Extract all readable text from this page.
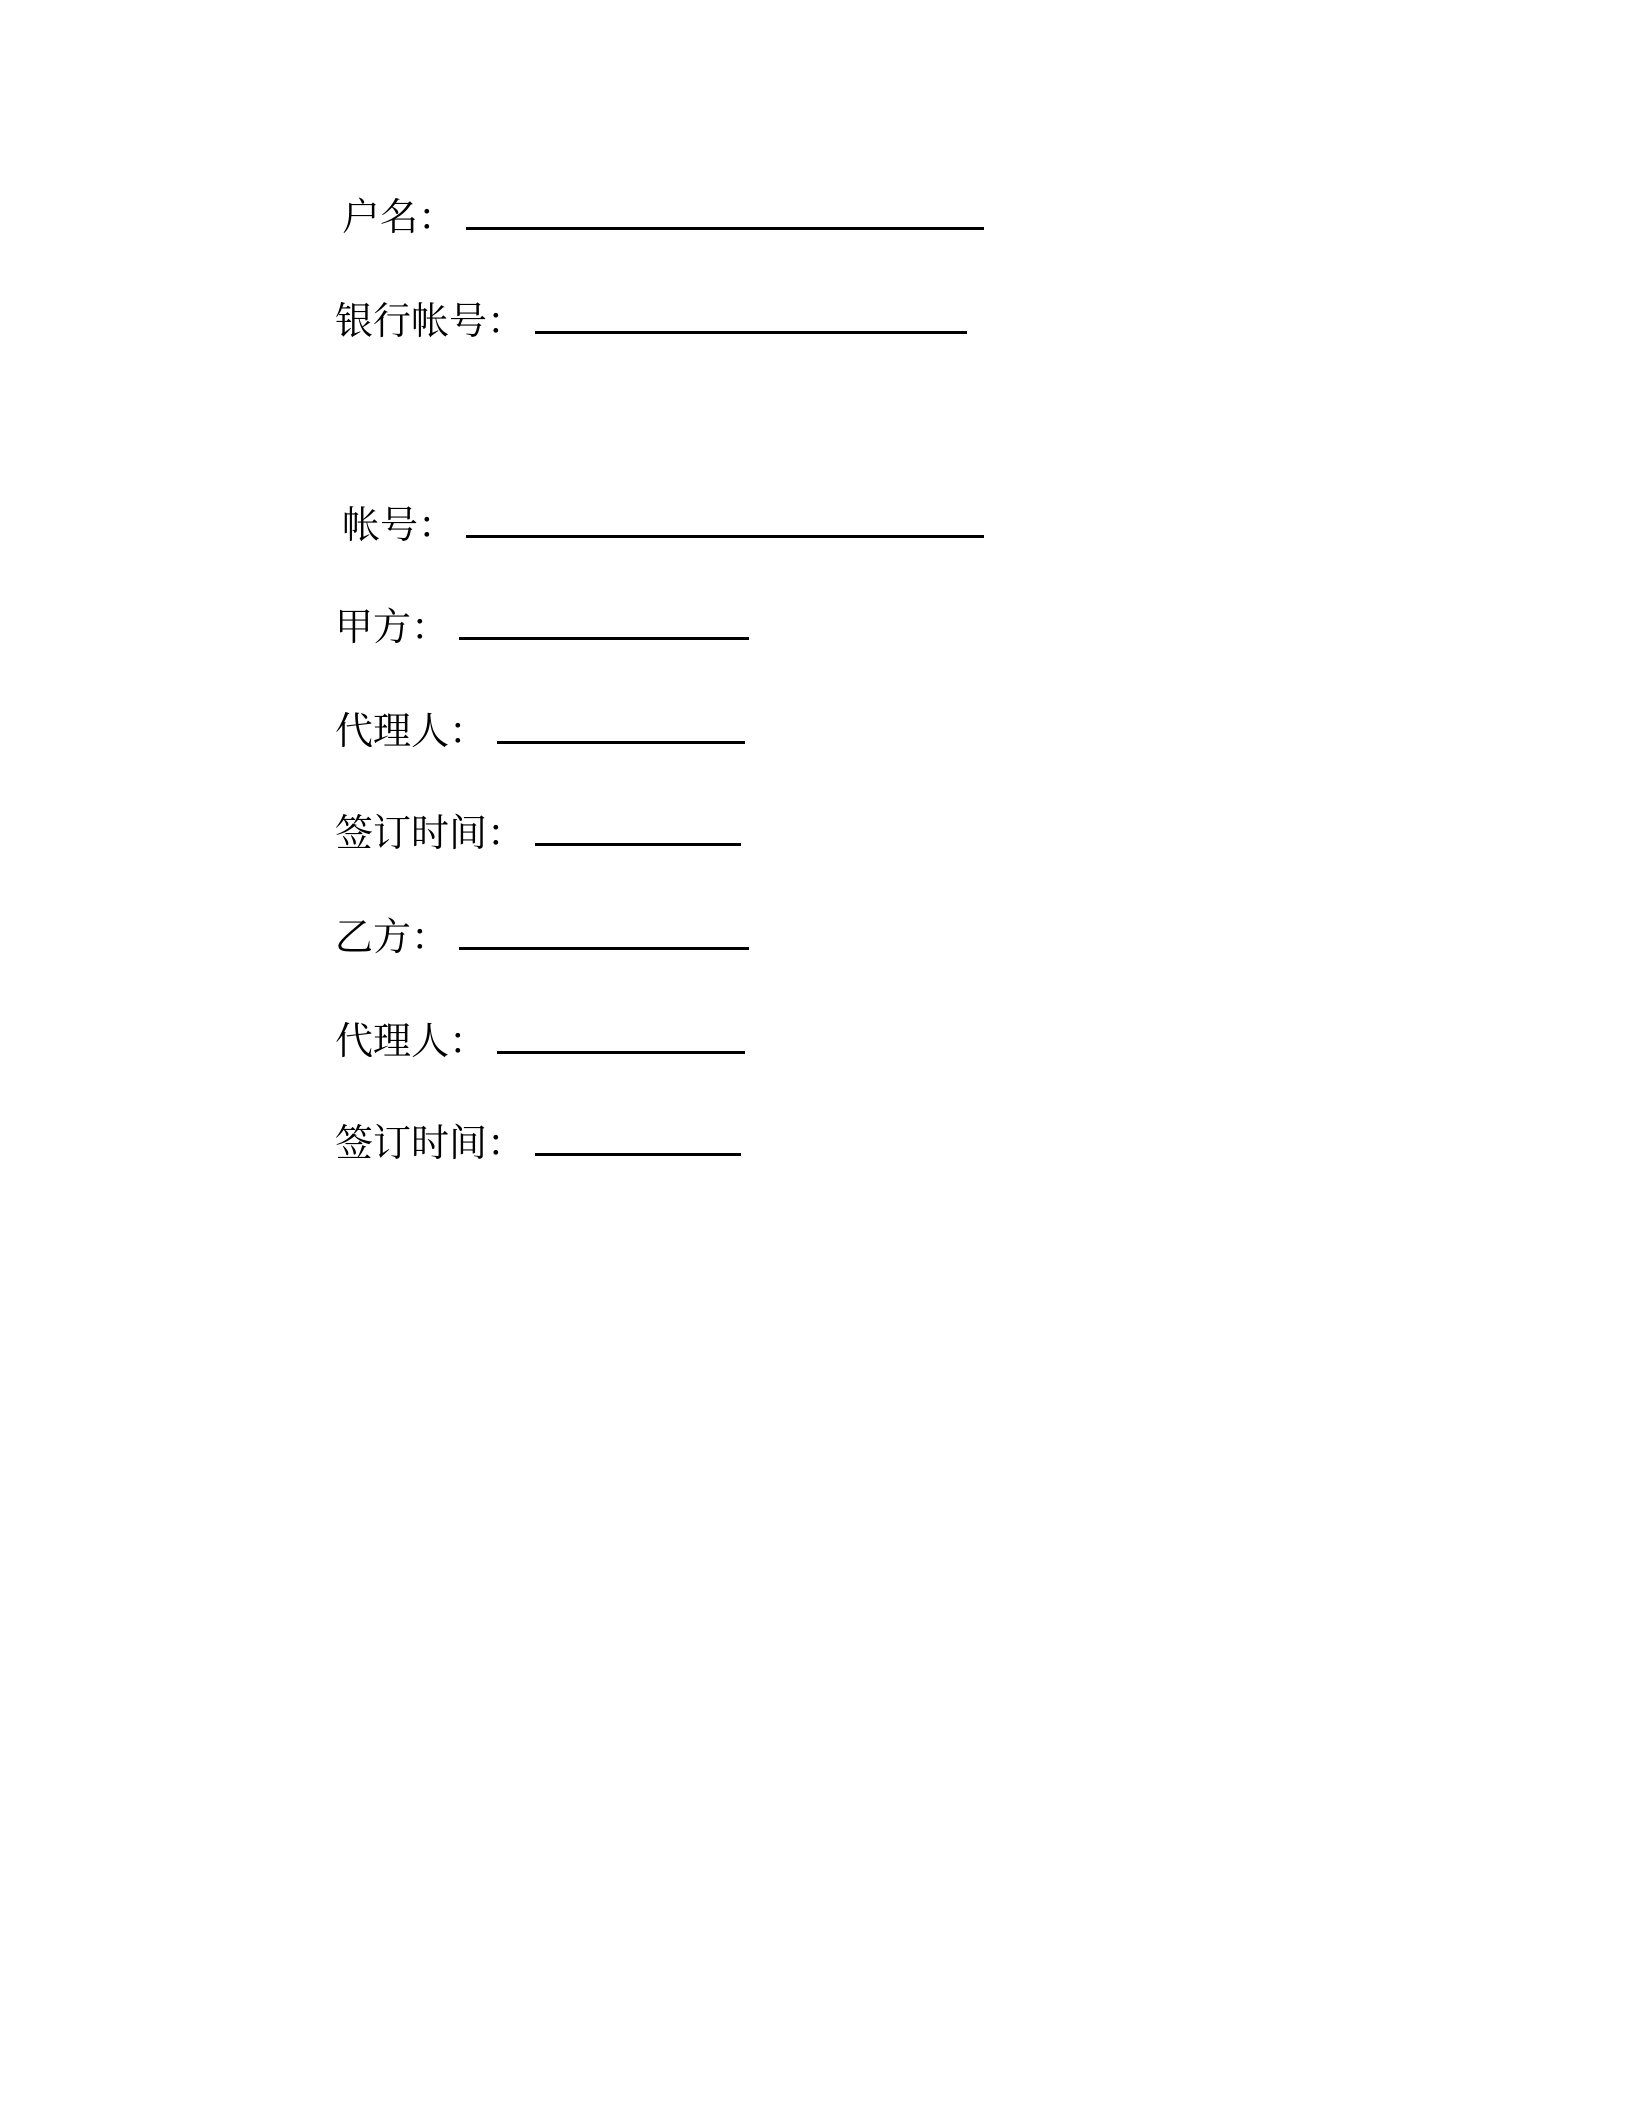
户名：
银行帐号：
帐号：
甲方：
代理人：
签订时间：
乙方：
代理人：
签订时间：
